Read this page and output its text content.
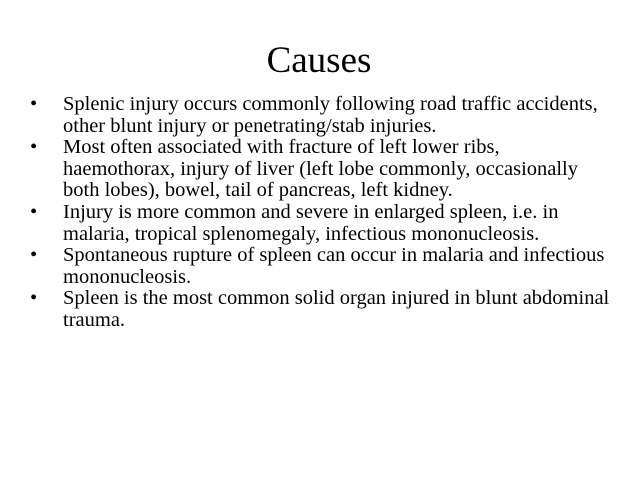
Causes
•	Splenic injury occurs commonly following road traffic accidents, other blunt injury or penetrating/stab injuries.
•	Most often associated with fracture of left lower ribs, haemothorax, injury of liver (left lobe commonly, occasionally both lobes), bowel, tail of pancreas, left kidney.
•	Injury is more common and severe in enlarged spleen, i.e. in malaria, tropical splenomegaly, infectious mononucleosis.
•	Spontaneous rupture of spleen can occur in malaria and infectious mononucleosis.
•	Spleen is the most common solid organ injured in blunt abdominal trauma.
